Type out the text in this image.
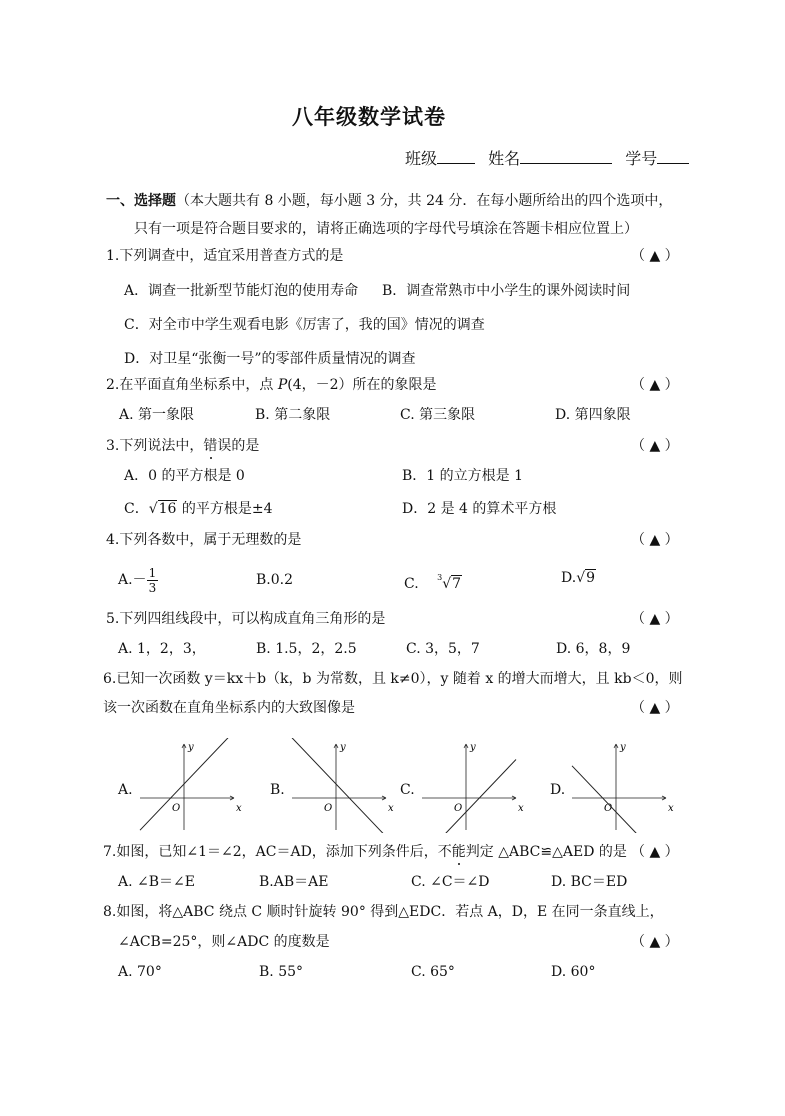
八年级数学试卷
班级	姓名	学号
一、选择题（本大题共有 8 小题，每小题 3 分，共 24 分．在每小题所给出的四个选项中，
只有一项是符合题目要求的，请将正确选项的字母代号填涂在答题卡相应位置上）
1.下列调查中，适宜采用普查方式的是	（ ▲ ）
A．调查一批新型节能灯泡的使用寿命 B．调查常熟市中小学生的课外阅读时间
C．对全市中学生观看电影《厉害了，我的国》情况的调查
D．对卫星“张衡一号”的零部件质量情况的调查
2.在平面直角坐标系中，点 P(4，－2）所在的象限是	（ ▲ ）
A. 第一象限	B. 第二象限	C. 第三象限	D. 第四象限
3.下列说法中，错误的是	（ ▲ ）
A．0 的平方根是 0	B．1 的立方根是 1
C．√16 的平方根是±4	D．2 是 4 的算术平方根
4.下列各数中，属于无理数的是	（ ▲ ）
$A.- \frac{1}{3}$	B.0.2	C. $^3$√7	D.√9
5.下列四组线段中，可以构成直角三角形的是	（ ▲ ）
A. 1，2，3，	B. 1.5，2，2.5	C. 3，5，7	D. 6，8，9
6.已知一次函数 y＝kx＋b（k，b 为常数，且 k≠0），y 随着 x 的增大而增大，且 kb＜0，则
该一次函数在直角坐标系内的大致图像是	（ ▲ ）
A.
x
y
O
B.
x
y
O
C.
x
y
O
D.
x
y
O
7.如图，已知∠1＝∠2，AC＝AD，添加下列条件后，不能判定 △ABC≌△AED 的是 （ ▲ ）
A. ∠B＝∠E	B.AB＝AE	C. ∠C＝∠D	D. BC＝ED
8.如图，将△ABC 绕点 C 顺时针旋转 90° 得到△EDC．若点 A，D，E 在同一条直线上，
∠ACB=25°，则∠ADC 的度数是	（ ▲ ）
A. 70°	B. 55°	C. 65°	D. 60°
